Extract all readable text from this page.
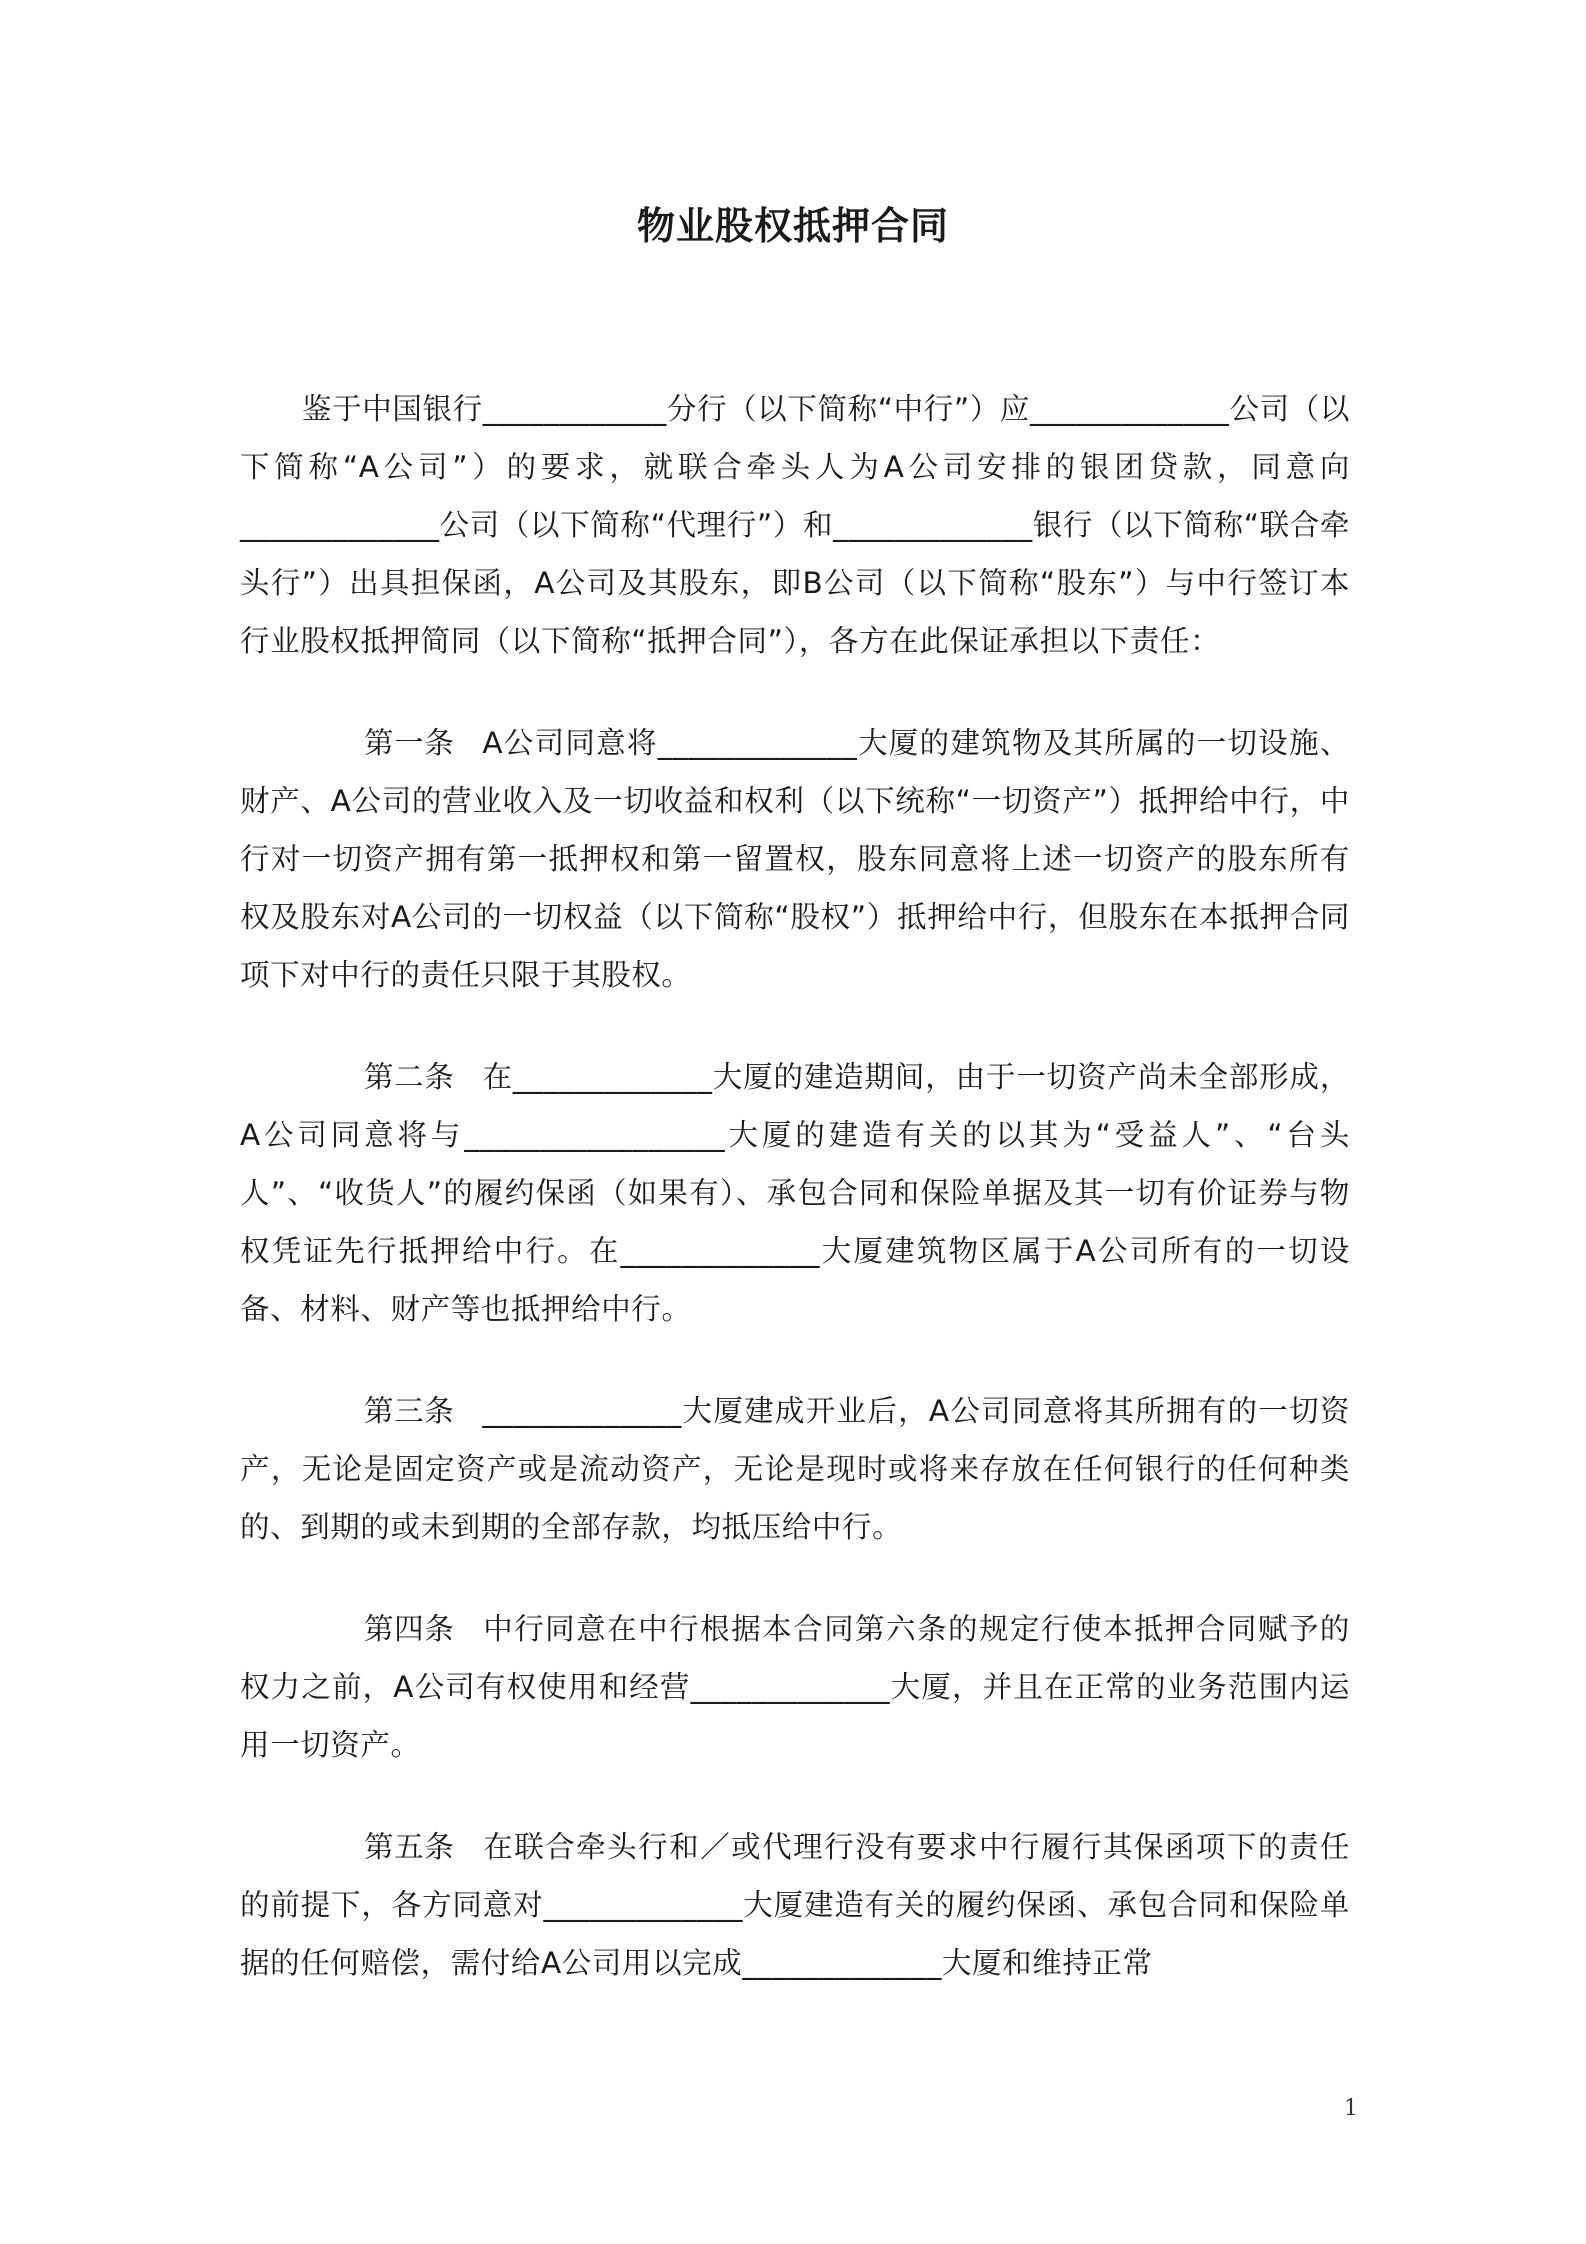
物业股权抵押合同

鉴于中国银行____________分行（以下简称“中行”）应_____________公司（以下简称“A公司”）的要求，就联合牵头人为A公司安排的银团贷款，同意向_____________公司（以下简称“代理行”）和_____________银行（以下简称“联合牵头行”）出具担保函，A公司及其股东，即B公司（以下简称“股东”）与中行签订本行业股权抵押简同（以下简称“抵押合同”），各方在此保证承担以下责任：

第一条 A公司同意将_____________大厦的建筑物及其所属的一切设施、财产、A公司的营业收入及一切收益和权利（以下统称“一切资产”）抵押给中行，中行对一切资产拥有第一抵押权和第一留置权，股东同意将上述一切资产的股东所有权及股东对A公司的一切权益（以下简称“股权”）抵押给中行，但股东在本抵押合同项下对中行的责任只限于其股权。

第二条 在_____________大厦的建造期间，由于一切资产尚未全部形成，A公司同意将与_________________大厦的建造有关的以其为“受益人”、“台头人”、“收货人”的履约保函（如果有）、承包合同和保险单据及其一切有价证券与物权凭证先行抵押给中行。在_____________大厦建筑物区属于A公司所有的一切设备、材料、财产等也抵押给中行。

第三条 _____________大厦建成开业后，A公司同意将其所拥有的一切资产，无论是固定资产或是流动资产，无论是现时或将来存放在任何银行的任何种类的、到期的或未到期的全部存款，均抵压给中行。

第四条 中行同意在中行根据本合同第六条的规定行使本抵押合同赋予的权力之前，A公司有权使用和经营_____________大厦，并且在正常的业务范围内运用一切资产。

第五条 在联合牵头行和／或代理行没有要求中行履行其保函项下的责任的前提下，各方同意对_____________大厦建造有关的履约保函、承包合同和保险单据的任何赔偿，需付给A公司用以完成_____________大厦和维持正常

1
